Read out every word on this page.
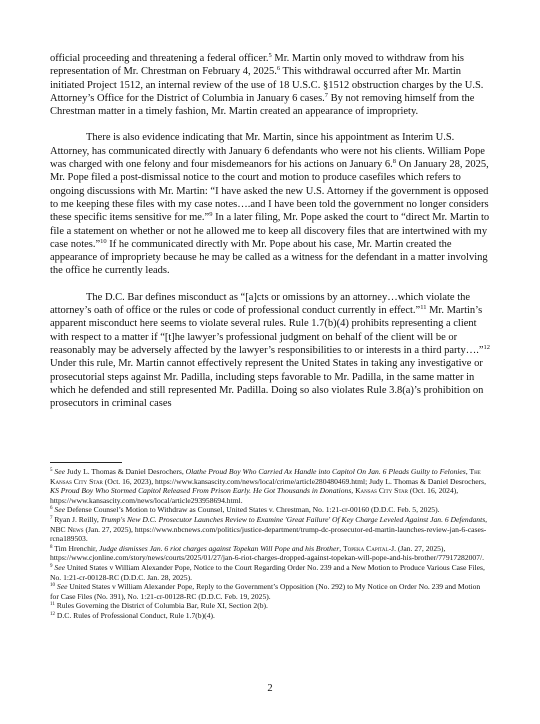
official proceeding and threatening a federal officer.$^5$ Mr. Martin only moved to withdraw from his representation of Mr. Chrestman on February 4, 2025.$^6$ This withdrawal occurred after Mr. Martin initiated Project 1512, an internal review of the use of 18 U.S.C. §1512 obstruction charges by the U.S. Attorney’s Office for the District of Columbia in January 6 cases.$^7$ By not removing himself from the Chrestman matter in a timely fashion, Mr. Martin created an appearance of impropriety.

There is also evidence indicating that Mr. Martin, since his appointment as Interim U.S. Attorney, has communicated directly with January 6 defendants who were not his clients. William Pope was charged with one felony and four misdemeanors for his actions on January 6.$^8$ On January 28, 2025, Mr. Pope filed a post-dismissal notice to the court and motion to produce casefiles which refers to ongoing discussions with Mr. Martin: “I have asked the new U.S. Attorney if the government is opposed to me keeping these files with my case notes….and I have been told the government no longer considers these specific items sensitive for me.”$^9$ In a later filing, Mr. Pope asked the court to “direct Mr. Martin to file a statement on whether or not he allowed me to keep all discovery files that are intertwined with my case notes.”$^{10}$ If he communicated directly with Mr. Pope about his case, Mr. Martin created the appearance of impropriety because he may be called as a witness for the defendant in a matter involving the office he currently leads.

The D.C. Bar defines misconduct as “[a]cts or omissions by an attorney…which violate the attorney’s oath of office or the rules or code of professional conduct currently in effect.”$^{11}$ Mr. Martin’s apparent misconduct here seems to violate several rules. Rule 1.7(b)(4) prohibits representing a client with respect to a matter if “[t]he lawyer’s professional judgment on behalf of the client will be or reasonably may be adversely affected by the lawyer’s responsibilities to or interests in a third party….”$^{12}$ Under this rule, Mr. Martin cannot effectively represent the United States in taking any investigative or prosecutorial steps against Mr. Padilla, including steps favorable to Mr. Padilla, in the same matter in which he defended and still represented Mr. Padilla. Doing so also violates Rule 3.8(a)’s prohibition on prosecutors in criminal cases

$^5$ See Judy L. Thomas & Daniel Desrochers, Olathe Proud Boy Who Carried Ax Handle into Capitol On Jan. 6 Pleads Guilty to Felonies, The Kansas City Star (Oct. 16, 2023), https://www.kansascity.com/news/local/crime/article280480469.html; Judy L. Thomas & Daniel Desrochers, KS Proud Boy Who Stormed Capitol Released From Prison Early. He Got Thousands in Donations, Kansas City Star (Oct. 16, 2024), https://www.kansascity.com/news/local/article293958694.html.

$^6$ See Defense Counsel’s Motion to Withdraw as Counsel, United States v. Chrestman, No. 1:21-cr-00160 (D.D.C. Feb. 5, 2025).

$^7$ Ryan J. Reilly, Trump's New D.C. Prosecutor Launches Review to Examine 'Great Failure' Of Key Charge Leveled Against Jan. 6 Defendants, NBC News (Jan. 27, 2025), https://www.nbcnews.com/politics/justice-department/trump-dc-prosecutor-ed-martin-launches-review-jan-6-cases-rcna189503.

$^8$ Tim Hrenchir, Judge dismisses Jan. 6 riot charges against Topekan Will Pope and his Brother, Topeka Capital-J. (Jan. 27, 2025), https://www.cjonline.com/story/news/courts/2025/01/27/jan-6-riot-charges-dropped-against-topekan-will-pope-and-his-brother/77917282007/.

$^9$ See United States v William Alexander Pope, Notice to the Court Regarding Order No. 239 and a New Motion to Produce Various Case Files, No. 1:21-cr-00128-RC (D.D.C. Jan. 28, 2025).

$^{10}$ See United States v William Alexander Pope, Reply to the Government’s Opposition (No. 292) to My Notice on Order No. 239 and Motion for Case Files (No. 391), No. 1:21-cr-00128-RC (D.D.C. Feb. 19, 2025).

$^{11}$ Rules Governing the District of Columbia Bar, Rule XI, Section 2(b).

$^{12}$ D.C. Rules of Professional Conduct, Rule 1.7(b)(4).

2
